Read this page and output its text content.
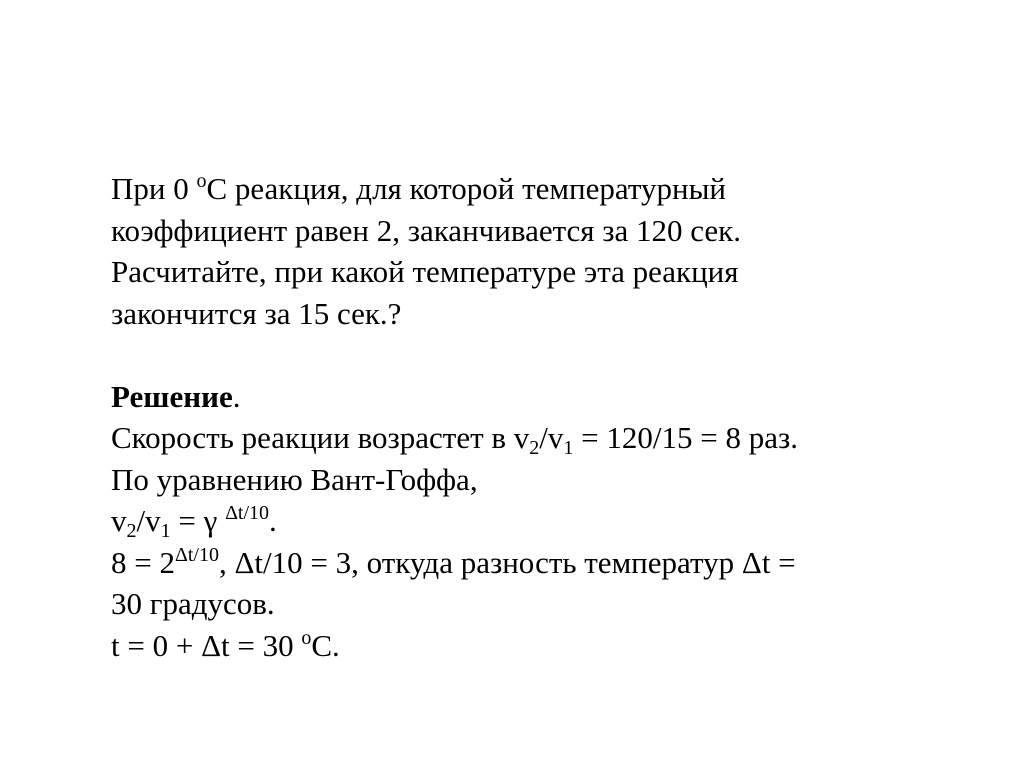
При 0 $^o$С реакция, для которой температурный
коэффициент равен 2, заканчивается за 120 сек.
Расчитайте, при какой температуре эта реакция
закончится за 15 сек.?
Решение.
Скорость реакции возрастет в $v_2/v_1 = 120/15 = 8$ раз.
По уравнению Вант-Гоффа,
$v_2/v_1 = \gamma$ $^{\Delta t/10}$.
$8 = 2^{\Delta t/10}$, Δt/10 = 3, откуда разность температур Δt =
30 градусов.
t = 0 + Δt = 30 $^o$С.
